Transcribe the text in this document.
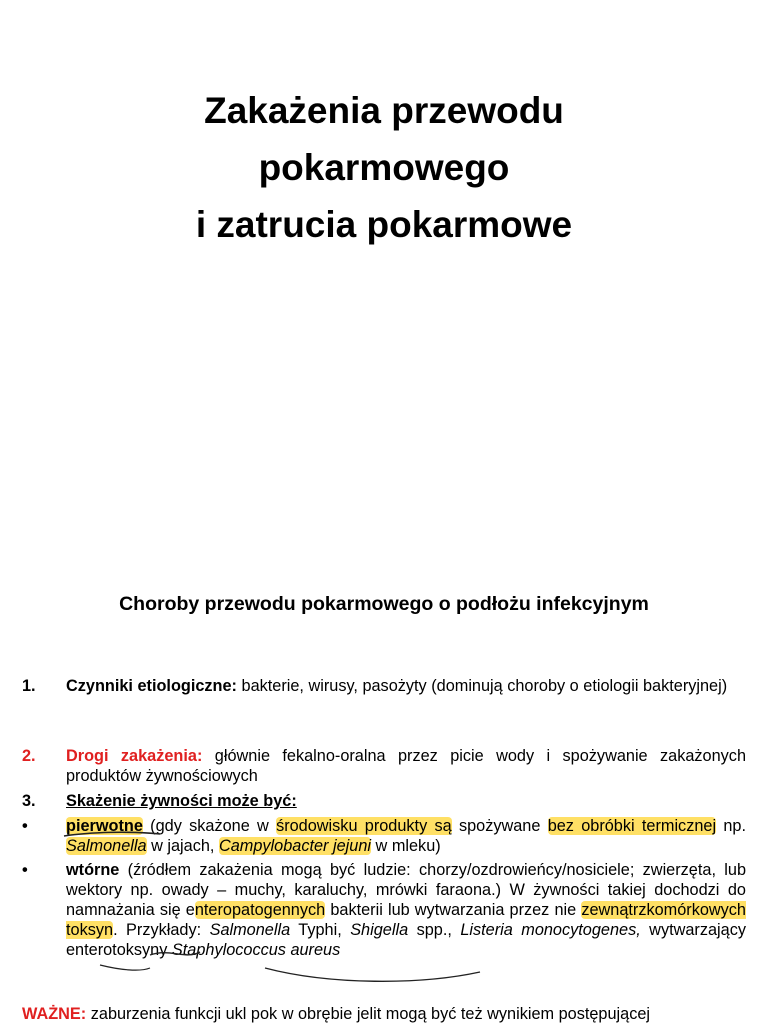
Zakażenia przewodu
pokarmowego
i zatrucia pokarmowe
Choroby przewodu pokarmowego o podłożu infekcyjnym
1. Czynniki etiologiczne: bakterie, wirusy, pasożyty (dominują choroby o etiologii bakteryjnej)
2. Drogi zakażenia: głównie fekalno-oralna przez picie wody i spożywanie zakażonych produktów żywnościowych
3. Skażenie żywności może być:
• pierwotne (gdy skażone w środowisku produkty są spożywane bez obróbki termicznej np. Salmonella w jajach, Campylobacter jejuni w mleku)
• wtórne (źródłem zakażenia mogą być ludzie: chorzy/ozdrowieńcy/nosiciele; zwierzęta, lub wektory np. owady – muchy, karaluchy, mrówki faraona.) W żywności takiej dochodzi do namnażania się enteropatogennych bakterii lub wytwarzania przez nie zewnątrzkomórkowych toksyn. Przykłady: Salmonella Typhi, Shigella spp., Listeria monocytogenes, wytwarzający enterotoksyny Staphylococcus aureus
WAŻNE: zaburzenia funkcji ukl pok w obrębie jelit mogą być też wynikiem postępującej
